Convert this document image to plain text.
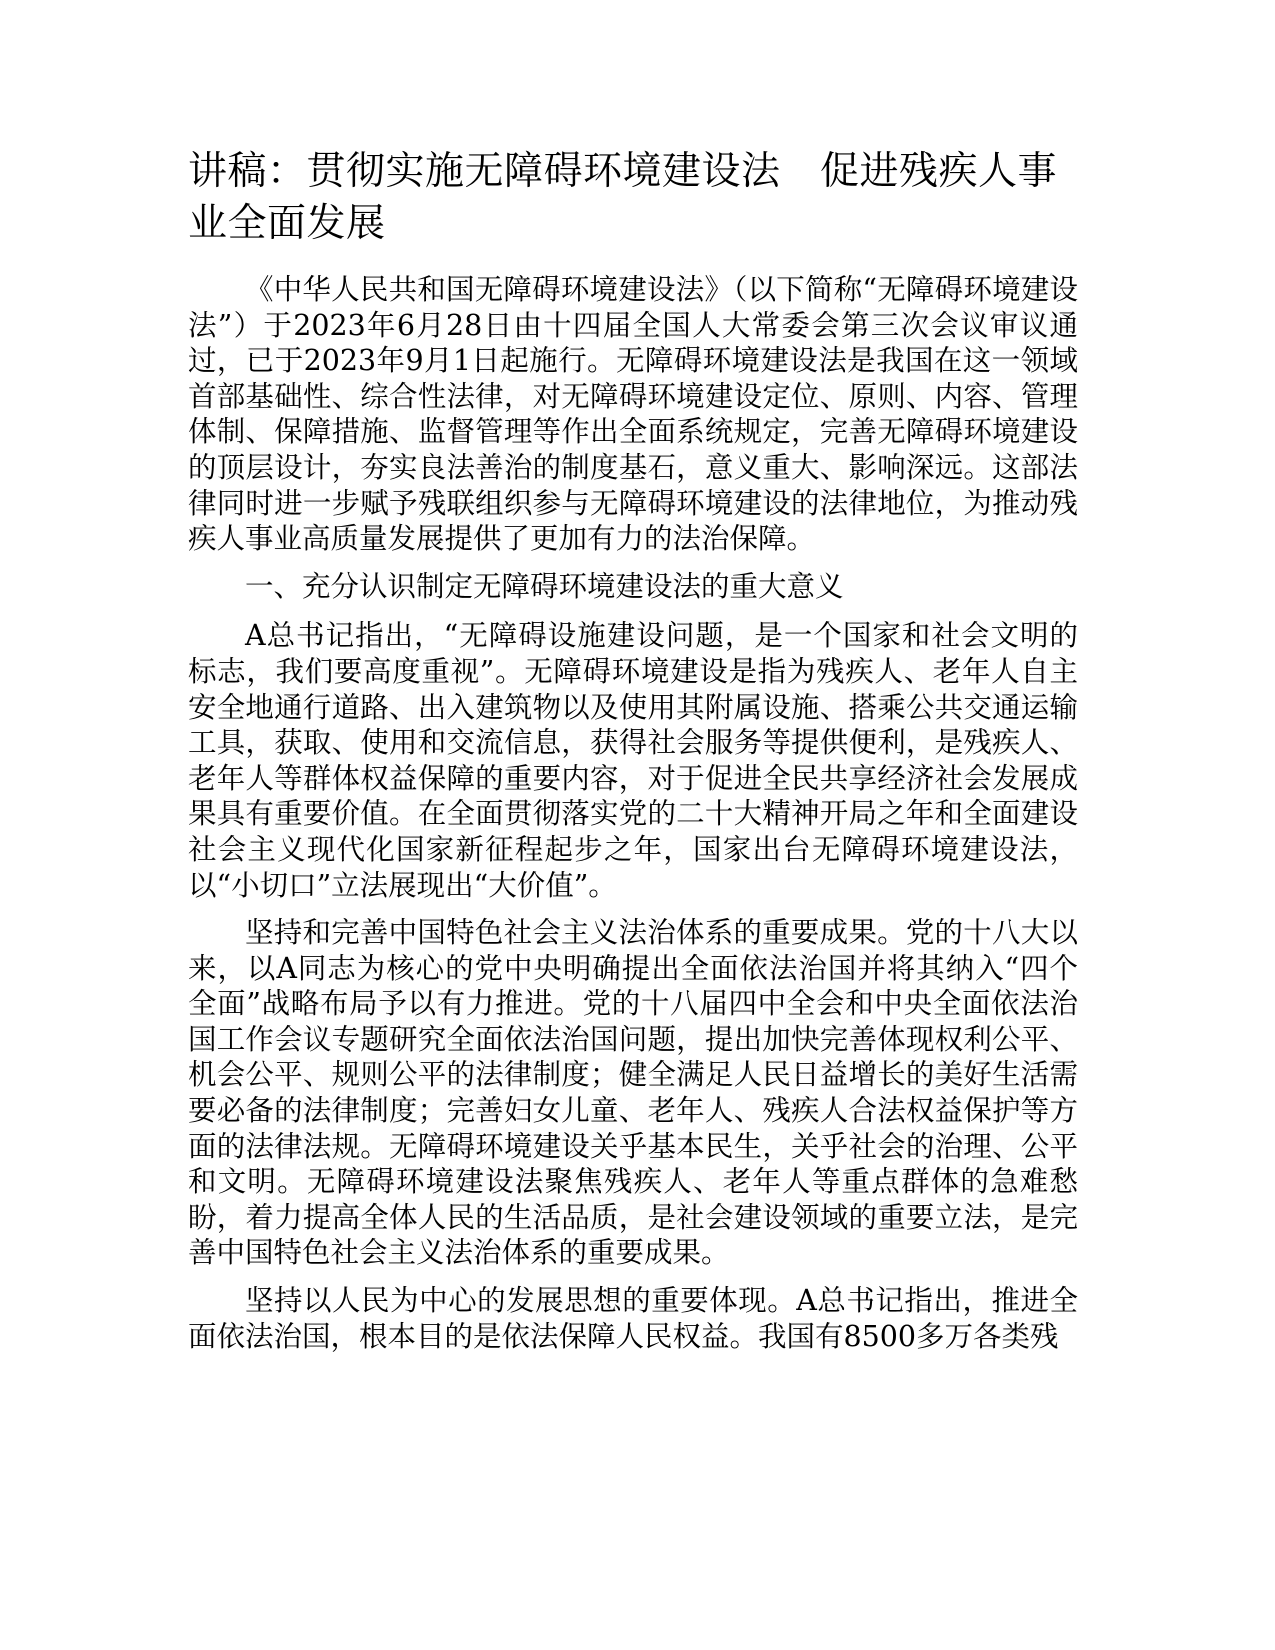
讲稿：贯彻实施无障碍环境建设法　促进残疾人事业全面发展

《中华人民共和国无障碍环境建设法》（以下简称“无障碍环境建设法”）于2023年6月28日由十四届全国人大常委会第三次会议审议通过，已于2023年9月1日起施行。无障碍环境建设法是我国在这一领域首部基础性、综合性法律，对无障碍环境建设定位、原则、内容、管理体制、保障措施、监督管理等作出全面系统规定，完善无障碍环境建设的顶层设计，夯实良法善治的制度基石，意义重大、影响深远。这部法律同时进一步赋予残联组织参与无障碍环境建设的法律地位，为推动残疾人事业高质量发展提供了更加有力的法治保障。

一、充分认识制定无障碍环境建设法的重大意义

A总书记指出，“无障碍设施建设问题，是一个国家和社会文明的标志，我们要高度重视”。无障碍环境建设是指为残疾人、老年人自主安全地通行道路、出入建筑物以及使用其附属设施、搭乘公共交通运输工具，获取、使用和交流信息，获得社会服务等提供便利，是残疾人、老年人等群体权益保障的重要内容，对于促进全民共享经济社会发展成果具有重要价值。在全面贯彻落实党的二十大精神开局之年和全面建设社会主义现代化国家新征程起步之年，国家出台无障碍环境建设法，以“小切口”立法展现出“大价值”。

坚持和完善中国特色社会主义法治体系的重要成果。党的十八大以来，以A同志为核心的党中央明确提出全面依法治国并将其纳入“四个全面”战略布局予以有力推进。党的十八届四中全会和中央全面依法治国工作会议专题研究全面依法治国问题，提出加快完善体现权利公平、机会公平、规则公平的法律制度；健全满足人民日益增长的美好生活需要必备的法律制度；完善妇女儿童、老年人、残疾人合法权益保护等方面的法律法规。无障碍环境建设关乎基本民生，关乎社会的治理、公平和文明。无障碍环境建设法聚焦残疾人、老年人等重点群体的急难愁盼，着力提高全体人民的生活品质，是社会建设领域的重要立法，是完善中国特色社会主义法治体系的重要成果。

坚持以人民为中心的发展思想的重要体现。A总书记指出，推进全面依法治国，根本目的是依法保障人民权益。我国有8500多万各类残
